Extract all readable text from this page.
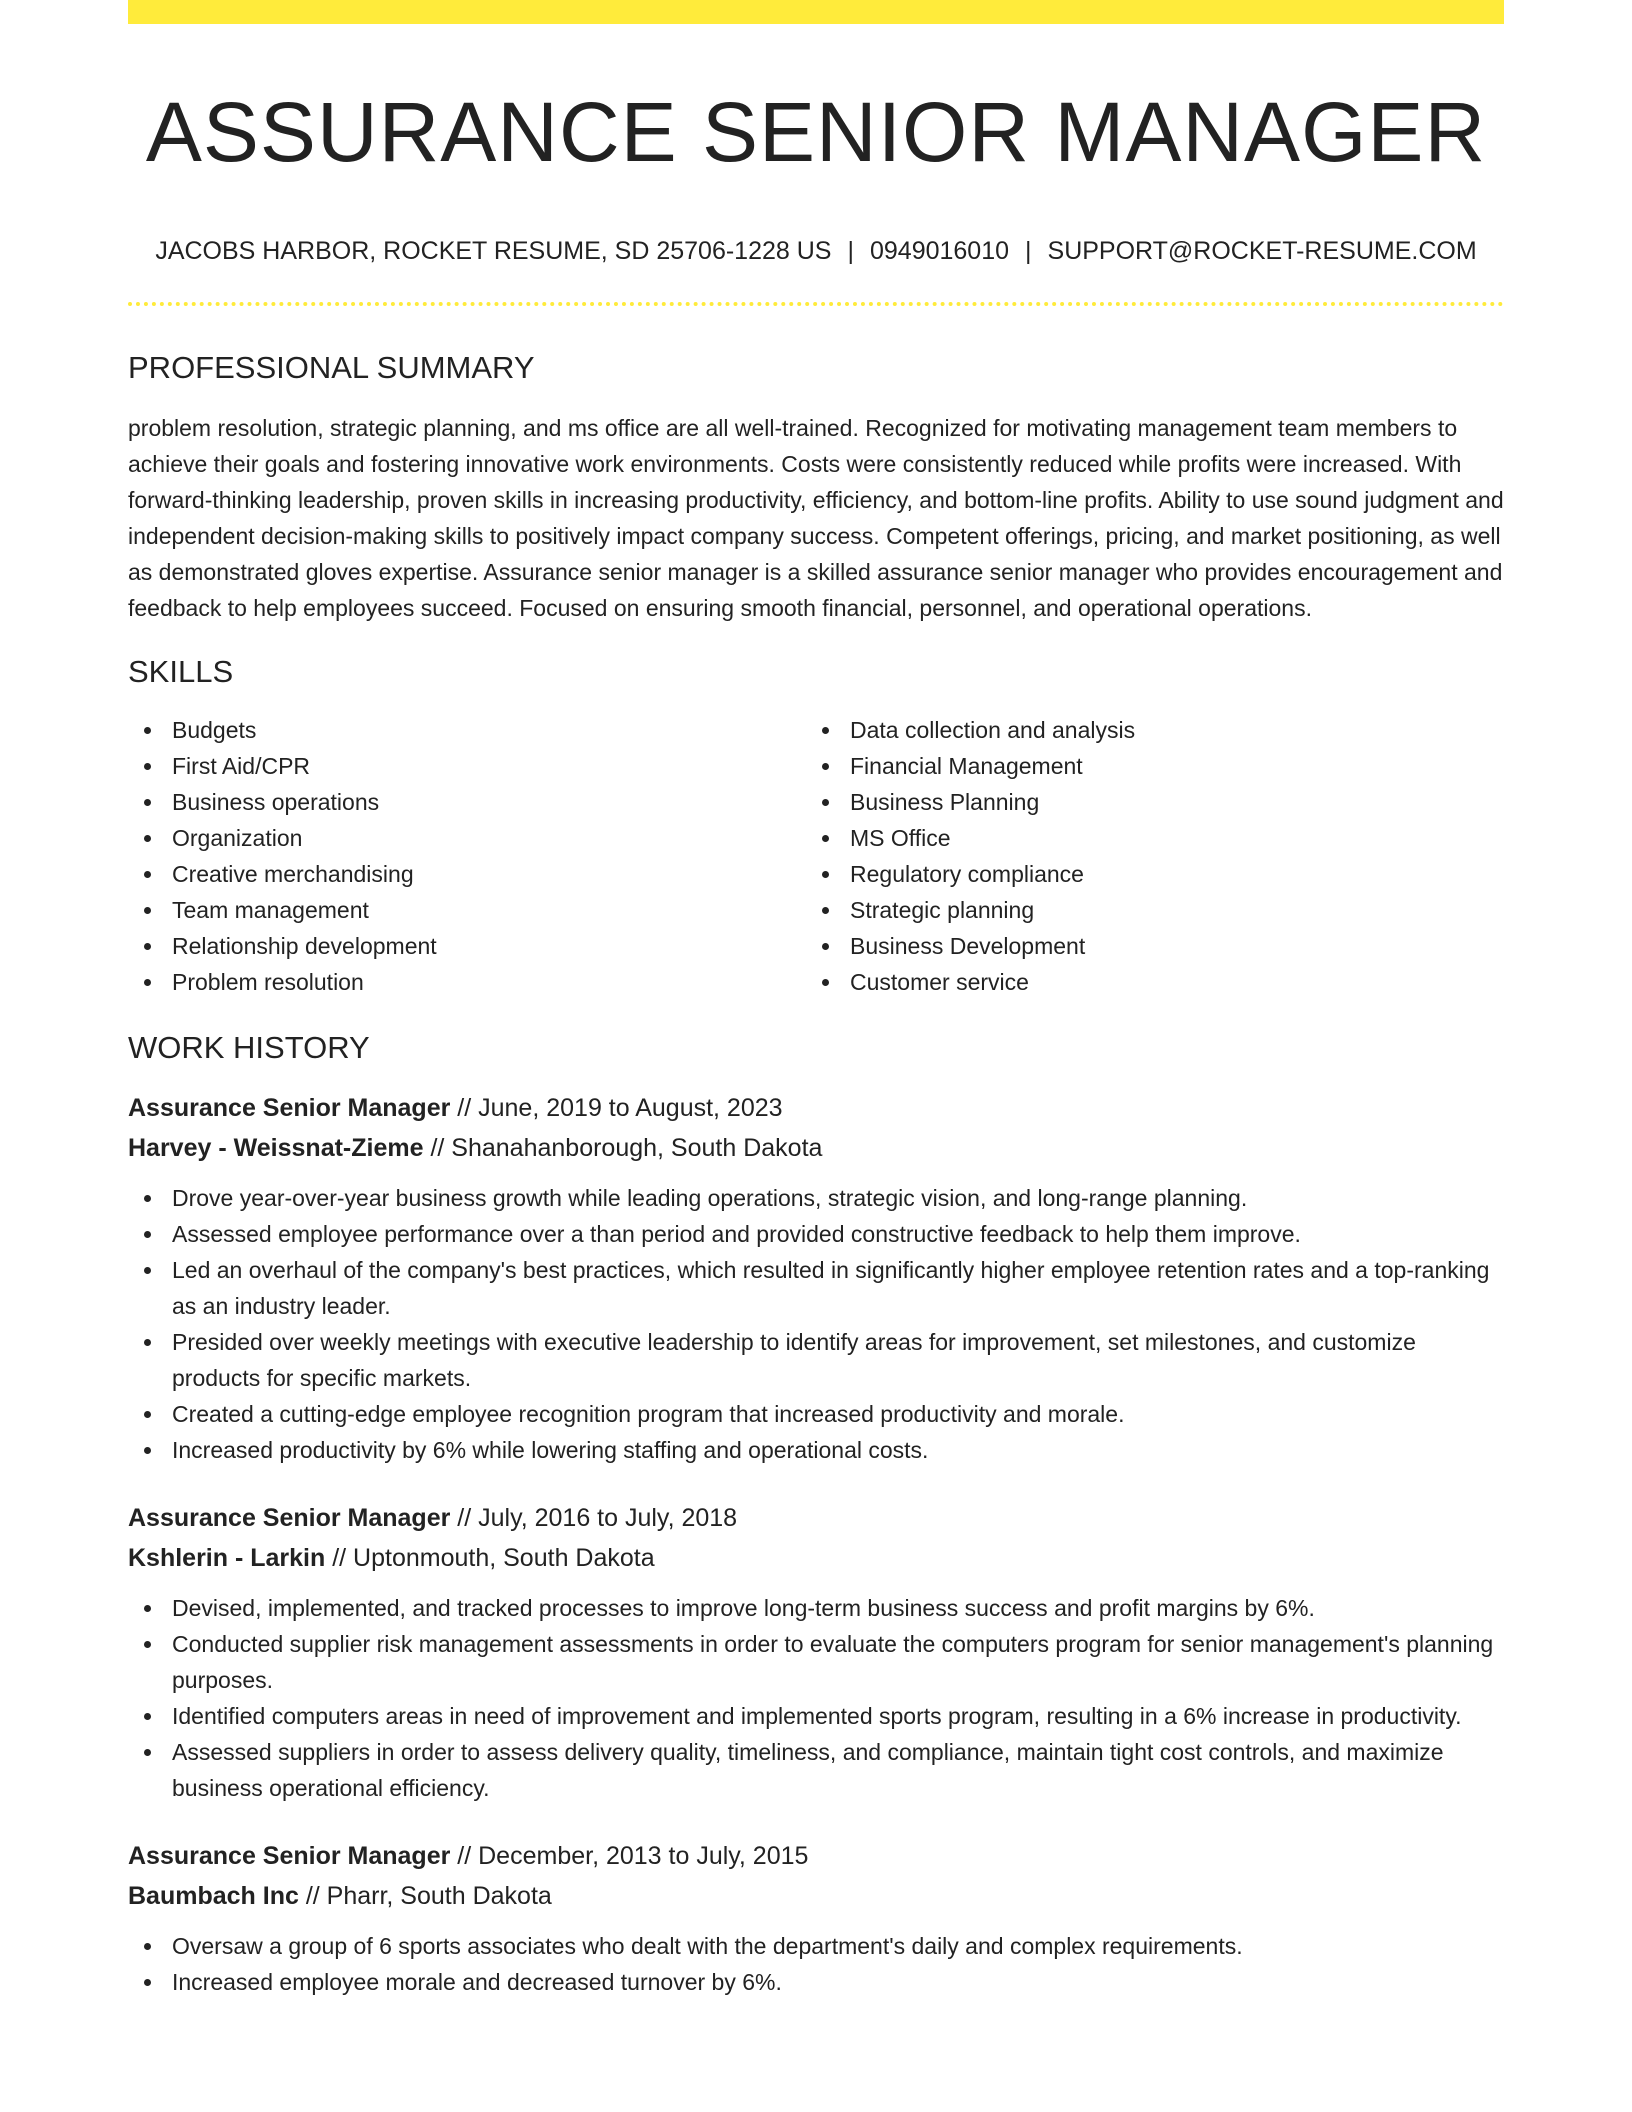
ASSURANCE SENIOR MANAGER
JACOBS HARBOR, ROCKET RESUME, SD 25706-1228 US | 0949016010 | SUPPORT@ROCKET-RESUME.COM
PROFESSIONAL SUMMARY

problem resolution, strategic planning, and ms office are all well-trained. Recognized for motivating management team members to achieve their goals and fostering innovative work environments. Costs were consistently reduced while profits were increased. With forward-thinking leadership, proven skills in increasing productivity, efficiency, and bottom-line profits. Ability to use sound judgment and independent decision-making skills to positively impact company success. Competent offerings, pricing, and market positioning, as well as demonstrated gloves expertise. Assurance senior manager is a skilled assurance senior manager who provides encouragement and feedback to help employees succeed. Focused on ensuring smooth financial, personnel, and operational operations.

SKILLS
Budgets
First Aid/CPR
Business operations
Organization
Creative merchandising
Team management
Relationship development
Problem resolution
Data collection and analysis
Financial Management
Business Planning
MS Office
Regulatory compliance
Strategic planning
Business Development
Customer service
WORK HISTORY
Assurance Senior Manager // June, 2019 to August, 2023
Harvey - Weissnat-Zieme // Shanahanborough, South Dakota
Drove year-over-year business growth while leading operations, strategic vision, and long-range planning.
Assessed employee performance over a than period and provided constructive feedback to help them improve.
Led an overhaul of the company's best practices, which resulted in significantly higher employee retention rates and a top-ranking as an industry leader.
Presided over weekly meetings with executive leadership to identify areas for improvement, set milestones, and customize products for specific markets.
Created a cutting-edge employee recognition program that increased productivity and morale.
Increased productivity by 6% while lowering staffing and operational costs.
Assurance Senior Manager // July, 2016 to July, 2018
Kshlerin - Larkin // Uptonmouth, South Dakota
Devised, implemented, and tracked processes to improve long-term business success and profit margins by 6%.
Conducted supplier risk management assessments in order to evaluate the computers program for senior management's planning purposes.
Identified computers areas in need of improvement and implemented sports program, resulting in a 6% increase in productivity.
Assessed suppliers in order to assess delivery quality, timeliness, and compliance, maintain tight cost controls, and maximize business operational efficiency.
Assurance Senior Manager // December, 2013 to July, 2015
Baumbach Inc // Pharr, South Dakota
Oversaw a group of 6 sports associates who dealt with the department's daily and complex requirements.
Increased employee morale and decreased turnover by 6%.
